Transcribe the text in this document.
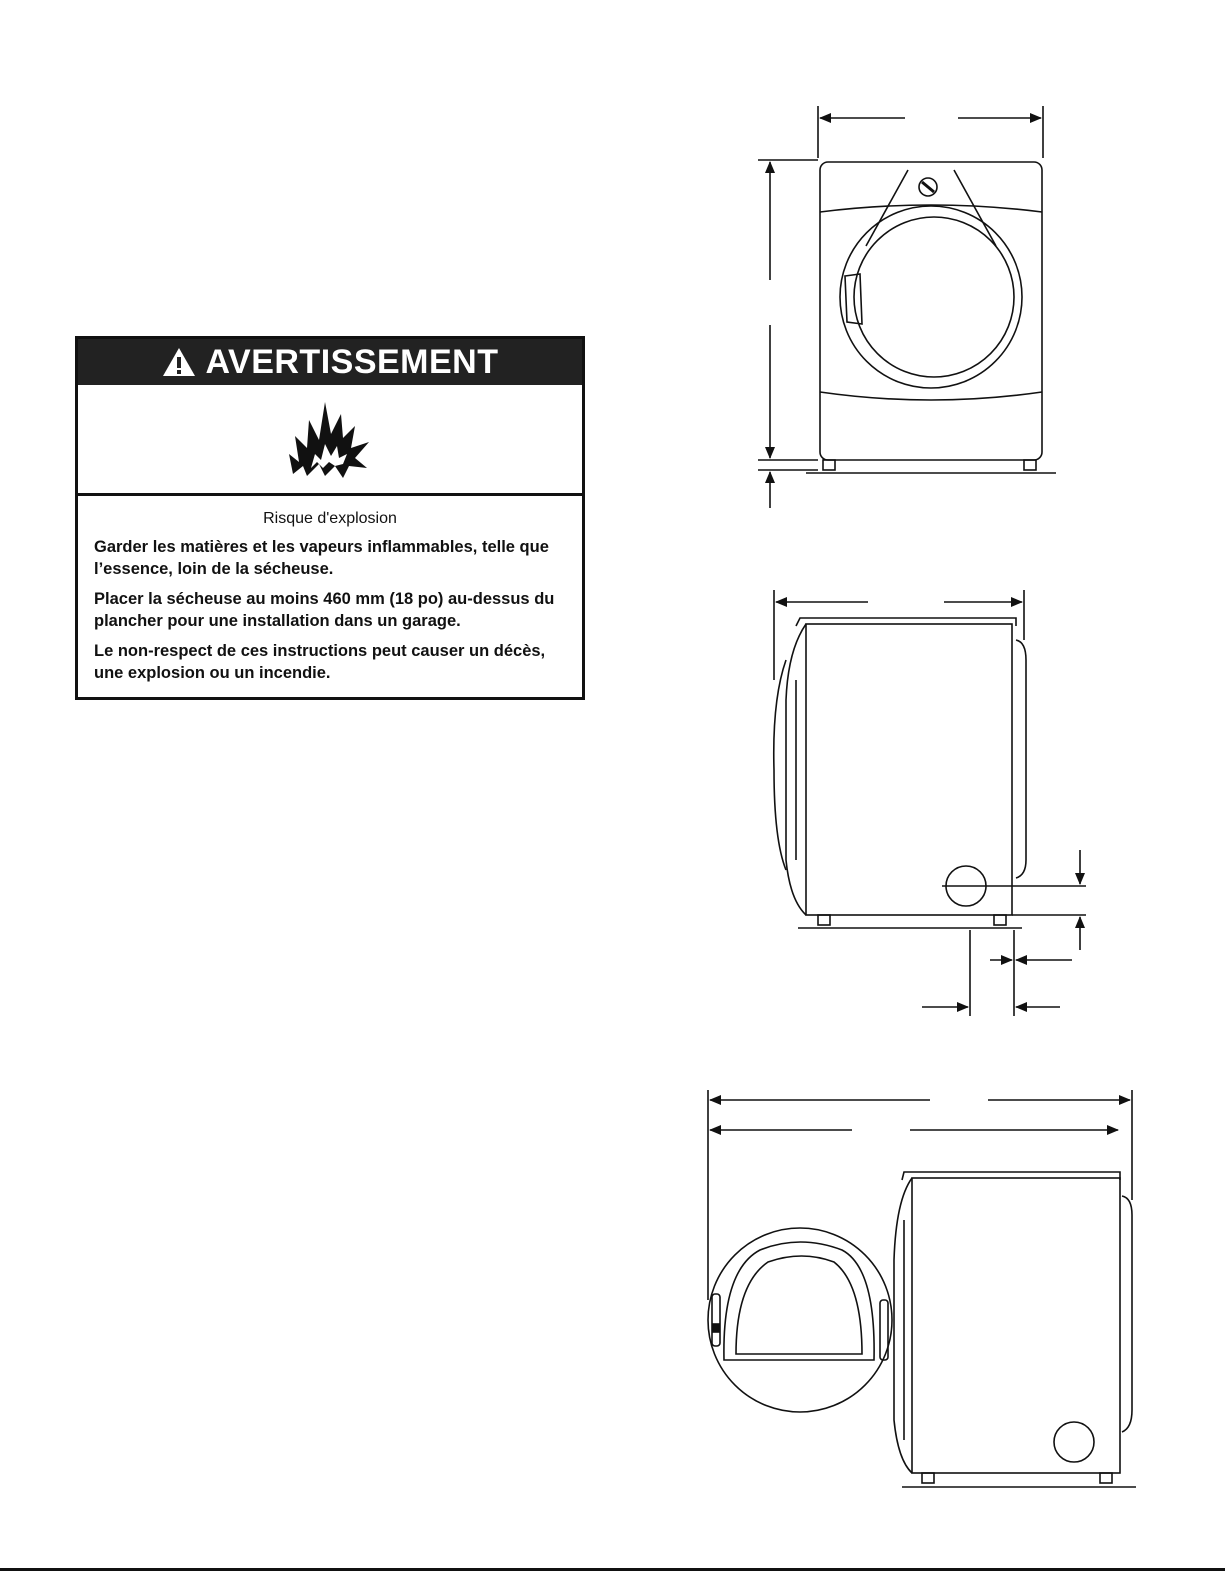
AVERTISSEMENT
Risque d'explosion

Garder les matières et les vapeurs inflammables, telle que l’essence, loin de la sécheuse.

Placer la sécheuse au moins 460 mm (18 po) au-dessus du plancher pour une installation dans un garage.

Le non-respect de ces instructions peut causer un décès, une explosion ou un incendie.
